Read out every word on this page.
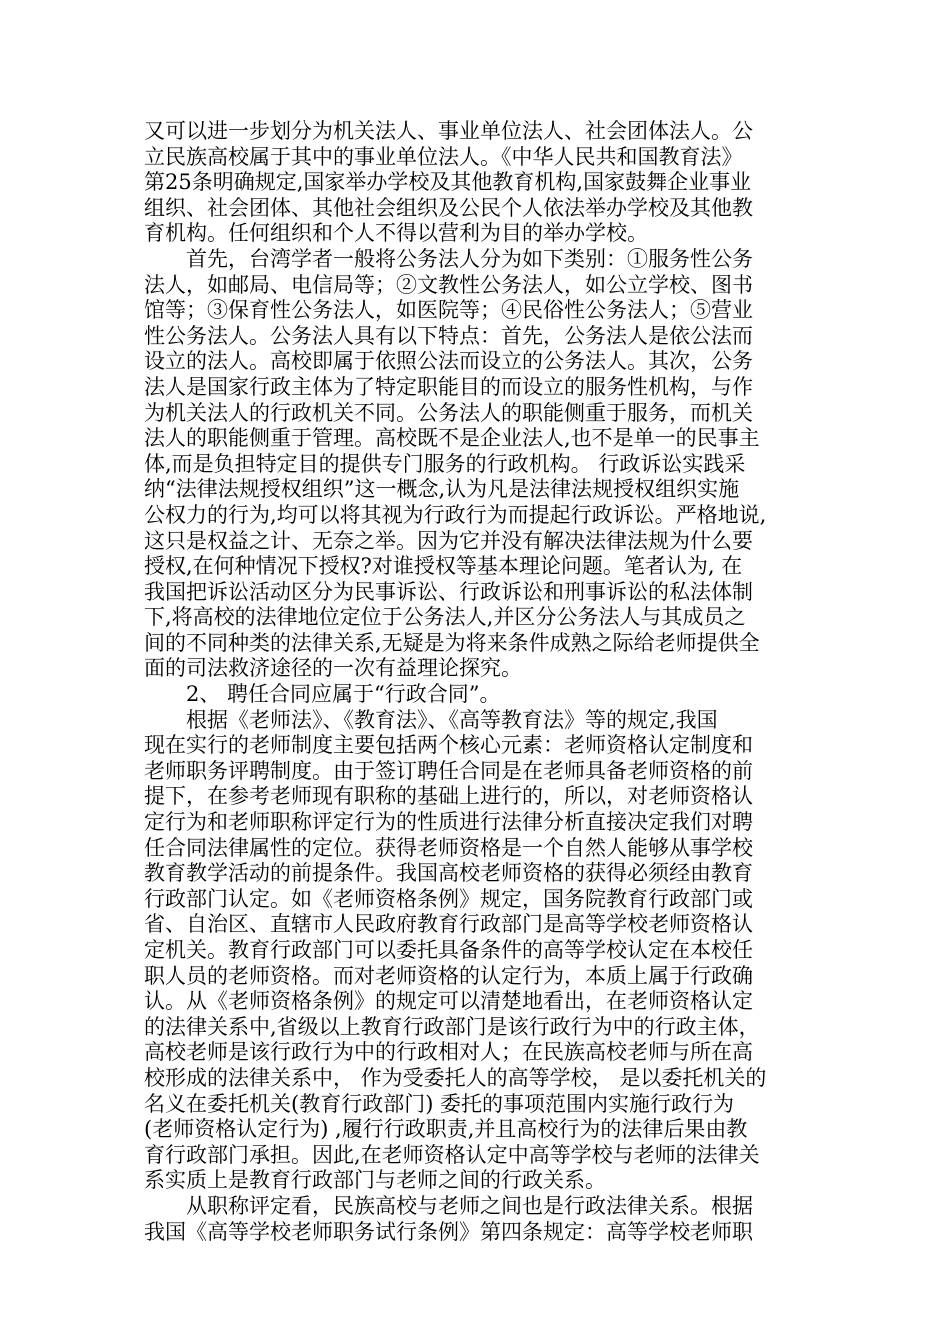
又可以进一步划分为机关法人、事业单位法人、社会团体法人。公
立民族高校属于其中的事业单位法人。《中华人民共和国教育法》
第25条明确规定,国家举办学校及其他教育机构,国家鼓舞企业事业
组织、社会团体、其他社会组织及公民个人依法举办学校及其他教
育机构。任何组织和个人不得以营利为目的举办学校。
首先，台湾学者一般将公务法人分为如下类别：①服务性公务
法人，如邮局、电信局等；②文教性公务法人，如公立学校、图书
馆等；③保育性公务法人，如医院等；④民俗性公务法人；⑤营业
性公务法人。公务法人具有以下特点：首先，公务法人是依公法而
设立的法人。高校即属于依照公法而设立的公务法人。其次，公务
法人是国家行政主体为了特定职能目的而设立的服务性机构，与作
为机关法人的行政机关不同。公务法人的职能侧重于服务，而机关
法人的职能侧重于管理。高校既不是企业法人,也不是单一的民事主
体,而是负担特定目的提供专门服务的行政机构。 行政诉讼实践采
纳“法律法规授权组织”这一概念,认为凡是法律法规授权组织实施
公权力的行为,均可以将其视为行政行为而提起行政诉讼。严格地说,
这只是权益之计、无奈之举。因为它并没有解决法律法规为什么要
授权,在何种情况下授权?对谁授权等基本理论问题。笔者认为, 在
我国把诉讼活动区分为民事诉讼、行政诉讼和刑事诉讼的私法体制
下,将高校的法律地位定位于公务法人,并区分公务法人与其成员之
间的不同种类的法律关系,无疑是为将来条件成熟之际给老师提供全
面的司法救济途径的一次有益理论探究。
2、 聘任合同应属于“行政合同”。
根据《老师法》、《教育法》、《高等教育法》等的规定,我国
现在实行的老师制度主要包括两个核心元素：老师资格认定制度和
老师职务评聘制度。由于签订聘任合同是在老师具备老师资格的前
提下，在参考老师现有职称的基础上进行的，所以，对老师资格认
定行为和老师职称评定行为的性质进行法律分析直接决定我们对聘
任合同法律属性的定位。获得老师资格是一个自然人能够从事学校
教育教学活动的前提条件。我国高校老师资格的获得必须经由教育
行政部门认定。如《老师资格条例》规定，国务院教育行政部门或
省、自治区、直辖市人民政府教育行政部门是高等学校老师资格认
定机关。教育行政部门可以委托具备条件的高等学校认定在本校任
职人员的老师资格。而对老师资格的认定行为，本质上属于行政确
认。从《老师资格条例》的规定可以清楚地看出，在老师资格认定
的法律关系中,省级以上教育行政部门是该行政行为中的行政主体，
高校老师是该行政行为中的行政相对人；在民族高校老师与所在高
校形成的法律关系中， 作为受委托人的高等学校， 是以委托机关的
名义在委托机关(教育行政部门) 委托的事项范围内实施行政行为
(老师资格认定行为) ,履行行政职责,并且高校行为的法律后果由教
育行政部门承担。因此,在老师资格认定中高等学校与老师的法律关
系实质上是教育行政部门与老师之间的行政关系。
从职称评定看，民族高校与老师之间也是行政法律关系。根据
我国《高等学校老师职务试行条例》第四条规定：高等学校老师职
